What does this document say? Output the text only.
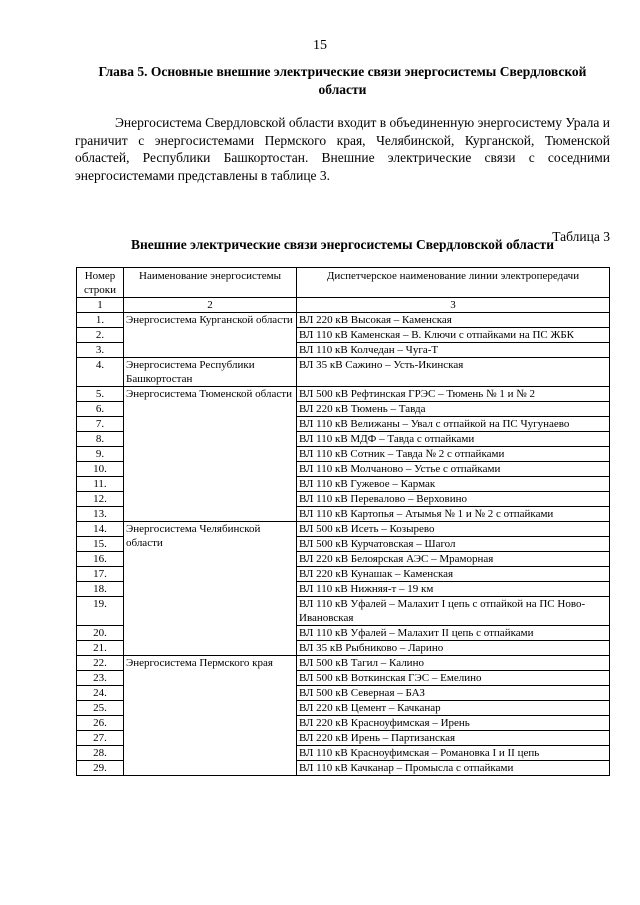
15
Глава 5. Основные внешние электрические связи энергосистемы Свердловской области
Энергосистема Свердловской области входит в объединенную энергосистему Урала и граничит с энергосистемами Пермского края, Челябинской, Курганской, Тюменской областей, Республики Башкортостан. Внешние электрические связи с соседними энергосистемами представлены в таблице 3.
Таблица 3
Внешние электрические связи энергосистемы Свердловской области
Номер строки	Наименование энергосистемы	Диспетчерское наименование линии электропередачи
1	2	3
1.	Энергосистема Курганской области	ВЛ 220 кВ Высокая – Каменская
2.		ВЛ 110 кВ Каменская – В. Ключи с отпайками на ПС ЖБК
3.		ВЛ 110 кВ Колчедан – Чуга-Т
4.	Энергосистема Республики Башкортостан	ВЛ 35 кВ Сажино – Усть-Икинская
5.	Энергосистема Тюменской области	ВЛ 500 кВ Рефтинская ГРЭС – Тюмень № 1 и № 2
6.		ВЛ 220 кВ Тюмень – Тавда
7.		ВЛ 110 кВ Велижаны – Увал с отпайкой на ПС Чугунаево
8.		ВЛ 110 кВ МДФ – Тавда с отпайками
9.		ВЛ 110 кВ Сотник – Тавда № 2 с отпайками
10.		ВЛ 110 кВ Молчаново – Устье с отпайками
11.		ВЛ 110 кВ Гужевое – Кармак
12.		ВЛ 110 кВ Перевалово – Верховино
13.		ВЛ 110 кВ Картопья – Атымья № 1 и № 2 с отпайками
14.	Энергосистема Челябинской области	ВЛ 500 кВ Исеть – Козырево
15.		ВЛ 500 кВ Курчатовская – Шагол
16.		ВЛ 220 кВ Белоярская АЭС – Мраморная
17.		ВЛ 220 кВ Кунашак – Каменская
18.		ВЛ 110 кВ Нижняя-т – 19 км
19.		ВЛ 110 кВ Уфалей – Малахит I цепь с отпайкой на ПС Ново-Ивановская
20.		ВЛ 110 кВ Уфалей – Малахит II цепь с отпайками
21.		ВЛ 35 кВ Рыбниково – Ларино
22.	Энергосистема Пермского края	ВЛ 500 кВ Тагил – Калино
23.		ВЛ 500 кВ Воткинская ГЭС – Емелино
24.		ВЛ 500 кВ Северная – БАЗ
25.		ВЛ 220 кВ Цемент – Качканар
26.		ВЛ 220 кВ Красноуфимская – Ирень
27.		ВЛ 220 кВ Ирень – Партизанская
28.		ВЛ 110 кВ Красноуфимская – Романовка I и II цепь
29.		ВЛ 110 кВ Качканар – Промысла с отпайками
